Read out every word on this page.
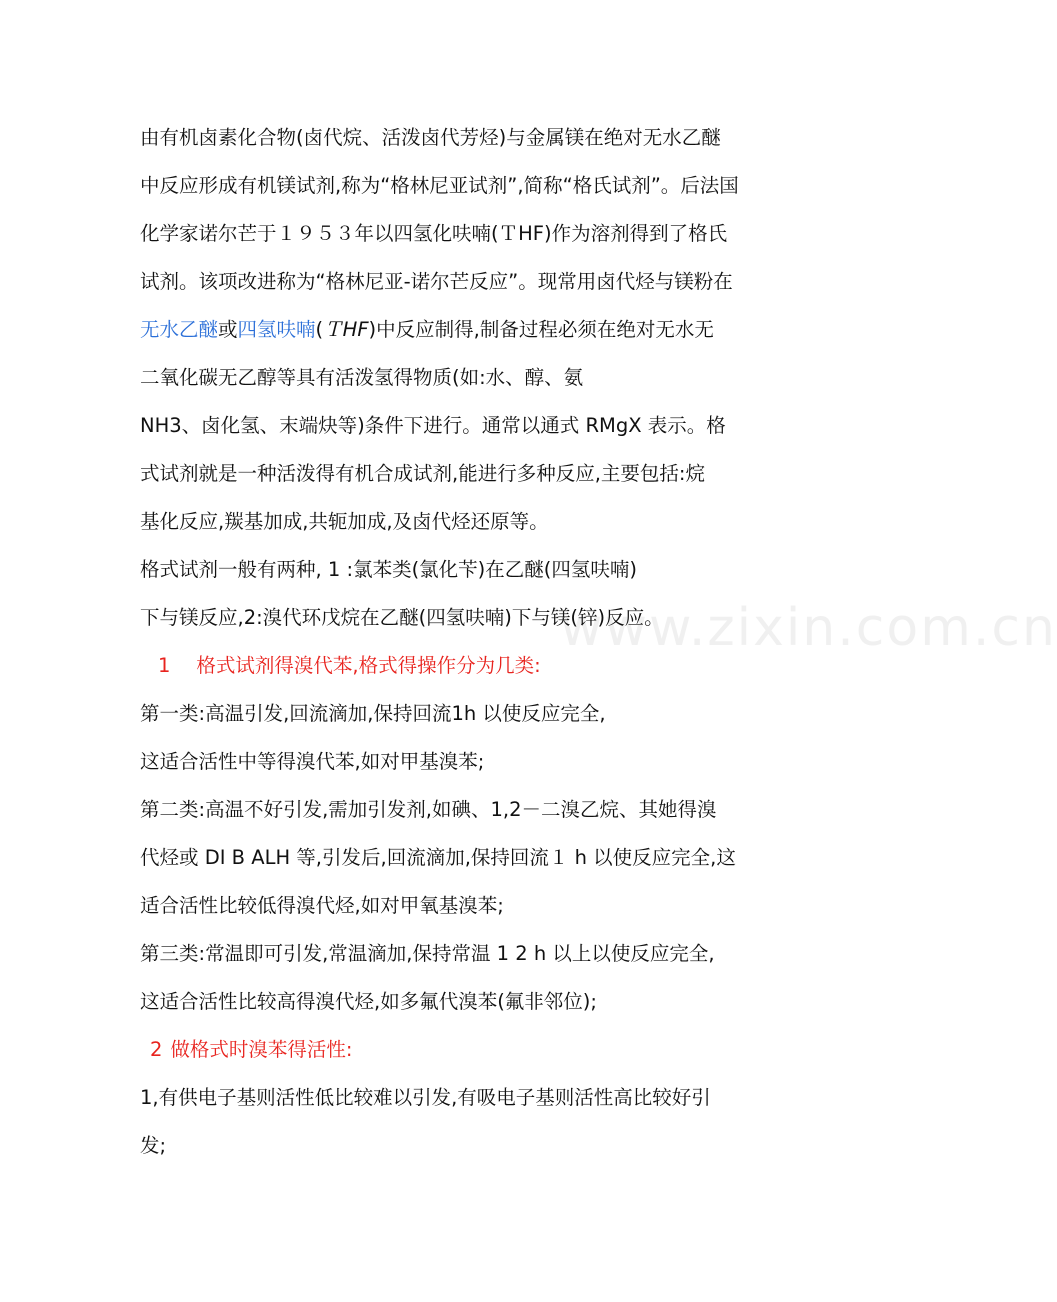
www.zixin.com.cn
由有机卤素化合物(卤代烷、活泼卤代芳烃)与金属镁在绝对无水乙醚
中反应形成有机镁试剂,称为“格林尼亚试剂”,简称“格氏试剂”。后法国
化学家诺尔芒于１９５３年以四氢化呋喃(ＴHF)作为溶剂得到了格氏
试剂。该项改进称为“格林尼亚-诺尔芒反应”。现常用卤代烃与镁粉在
无水乙醚或四氢呋喃(ＴHF)中反应制得,制备过程必须在绝对无水无
二氧化碳无乙醇等具有活泼氢得物质(如:水、醇、氨
NH3、卤化氢、末端炔等)条件下进行。通常以通式 RMgX 表示。格
式试剂就是一种活泼得有机合成试剂,能进行多种反应,主要包括:烷
基化反应,羰基加成,共轭加成,及卤代烃还原等。
格式试剂一般有两种, 1 :氯苯类(氯化苄)在乙醚(四氢呋喃)
下与镁反应,2:溴代环戊烷在乙醚(四氢呋喃)下与镁(锌)反应。
1 格式试剂得溴代苯,格式得操作分为几类:
第一类:高温引发,回流滴加,保持回流1h 以使反应完全,
这适合活性中等得溴代苯,如对甲基溴苯;
第二类:高温不好引发,需加引发剂,如碘、1,2－二溴乙烷、其她得溴
代烃或 DI B ALH 等,引发后,回流滴加,保持回流１ h 以使反应完全,这
适合活性比较低得溴代烃,如对甲氧基溴苯;
第三类:常温即可引发,常温滴加,保持常温 1 2 h 以上以使反应完全,
这适合活性比较高得溴代烃,如多氟代溴苯(氟非邻位);
2 做格式时溴苯得活性:
1,有供电子基则活性低比较难以引发,有吸电子基则活性高比较好引
发;
